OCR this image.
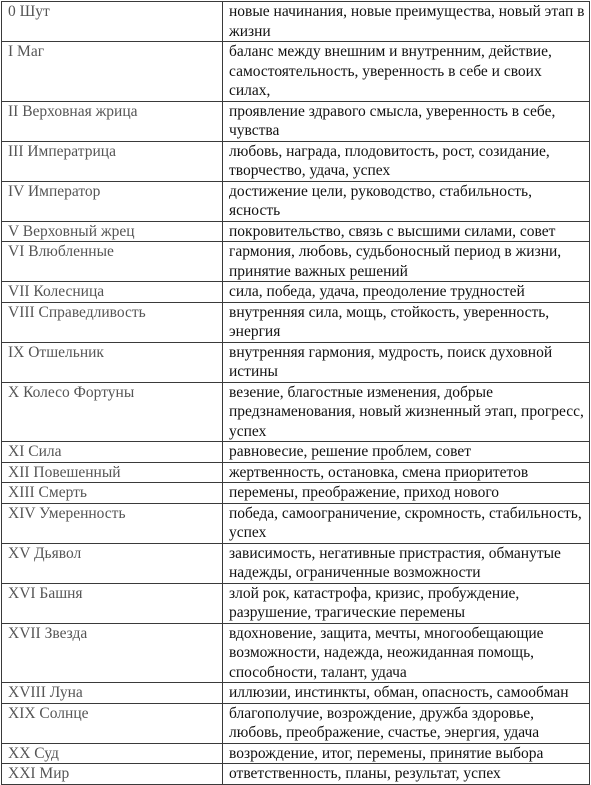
0 Шут	новые начинания, новые преимущества, новый этап в жизни
I Маг	баланс между внешним и внутренним, действие, самостоятельность, уверенность в себе и своих силах,
II Верховная жрица	проявление здравого смысла, уверенность в себе, чувства
III Императрица	любовь, награда, плодовитость, рост, созидание, творчество, удача, успех
IV Император	достижение цели, руководство, стабильность, ясность
V Верховный жрец	покровительство, связь с высшими силами, совет
VI Влюбленные	гармония, любовь, судьбоносный период в жизни, принятие важных решений
VII Колесница	сила, победа, удача, преодоление трудностей
VIII Справедливость	внутренняя сила, мощь, стойкость, уверенность, энергия
IX Отшельник	внутренняя гармония, мудрость, поиск духовной истины
X Колесо Фортуны	везение, благостные изменения, добрые предзнаменования, новый жизненный этап, прогресс, успех
XI Сила	равновесие, решение проблем, совет
XII Повешенный	жертвенность, остановка, смена приоритетов
XIII Смерть	перемены, преображение, приход нового
XIV Умеренность	победа, самоограничение, скромность, стабильность, успех
XV Дьявол	зависимость, негативные пристрастия, обманутые надежды, ограниченные возможности
XVI Башня	злой рок, катастрофа, кризис, пробуждение, разрушение, трагические перемены
XVII Звезда	вдохновение, защита, мечты, многообещающие возможности, надежда, неожиданная помощь, способности, талант, удача
XVIII Луна	иллюзии, инстинкты, обман, опасность, самообман
XIX Солнце	благополучие, возрождение, дружба здоровье, любовь, преображение, счастье, энергия, удача
XX Суд	возрождение, итог, перемены, принятие выбора
XXI Мир	ответственность, планы, результат, успех
